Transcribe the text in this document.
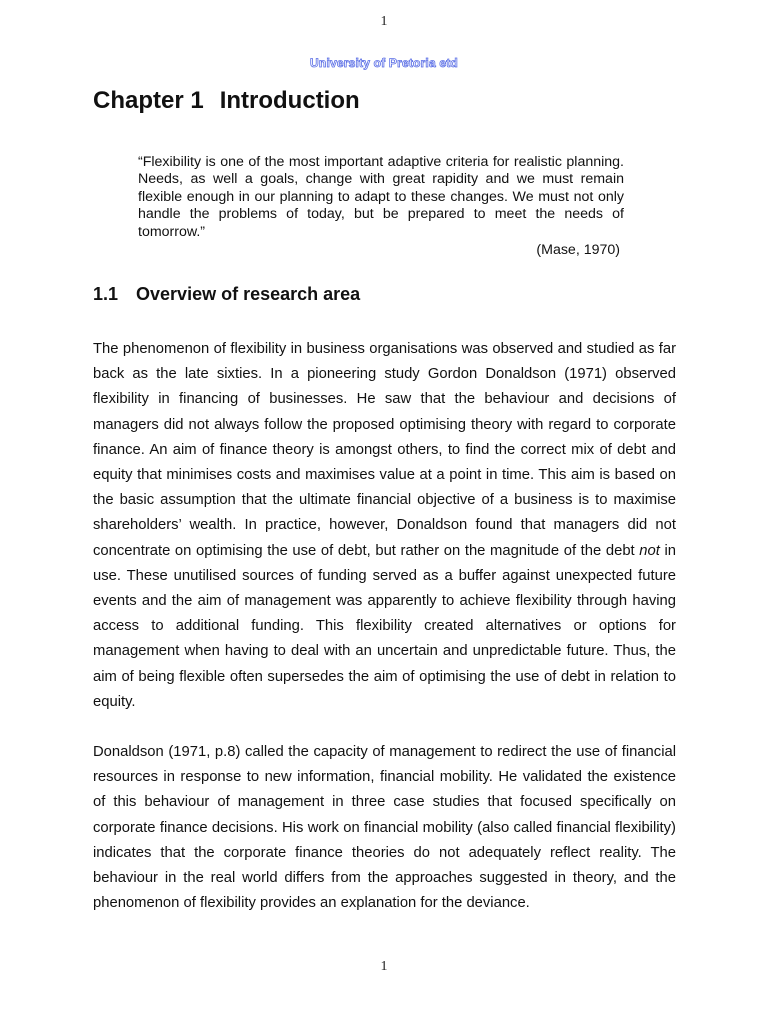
1
University of Pretoria etd
Chapter 1 Introduction

“Flexibility is one of the most important adaptive criteria for realistic planning. Needs, as well a goals, change with great rapidity and we must remain flexible enough in our planning to adapt to these changes. We must not only handle the problems of today, but be prepared to meet the needs of tomorrow.”

(Mase, 1970)
1.1 Overview of research area

The phenomenon of flexibility in business organisations was observed and studied as far back as the late sixties. In a pioneering study Gordon Donaldson (1971) observed flexibility in financing of businesses. He saw that the behaviour and decisions of managers did not always follow the proposed optimising theory with regard to corporate finance. An aim of finance theory is amongst others, to find the correct mix of debt and equity that minimises costs and maximises value at a point in time. This aim is based on the basic assumption that the ultimate financial objective of a business is to maximise shareholders’ wealth. In practice, however, Donaldson found that managers did not concentrate on optimising the use of debt, but rather on the magnitude of the debt not in use. These unutilised sources of funding served as a buffer against unexpected future events and the aim of management was apparently to achieve flexibility through having access to additional funding. This flexibility created alternatives or options for management when having to deal with an uncertain and unpredictable future. Thus, the aim of being flexible often supersedes the aim of optimising the use of debt in relation to equity.

Donaldson (1971, p.8) called the capacity of management to redirect the use of financial resources in response to new information, financial mobility. He validated the existence of this behaviour of management in three case studies that focused specifically on corporate finance decisions. His work on financial mobility (also called financial flexibility) indicates that the corporate finance theories do not adequately reflect reality. The behaviour in the real world differs from the approaches suggested in theory, and the phenomenon of flexibility provides an explanation for the deviance.

1
